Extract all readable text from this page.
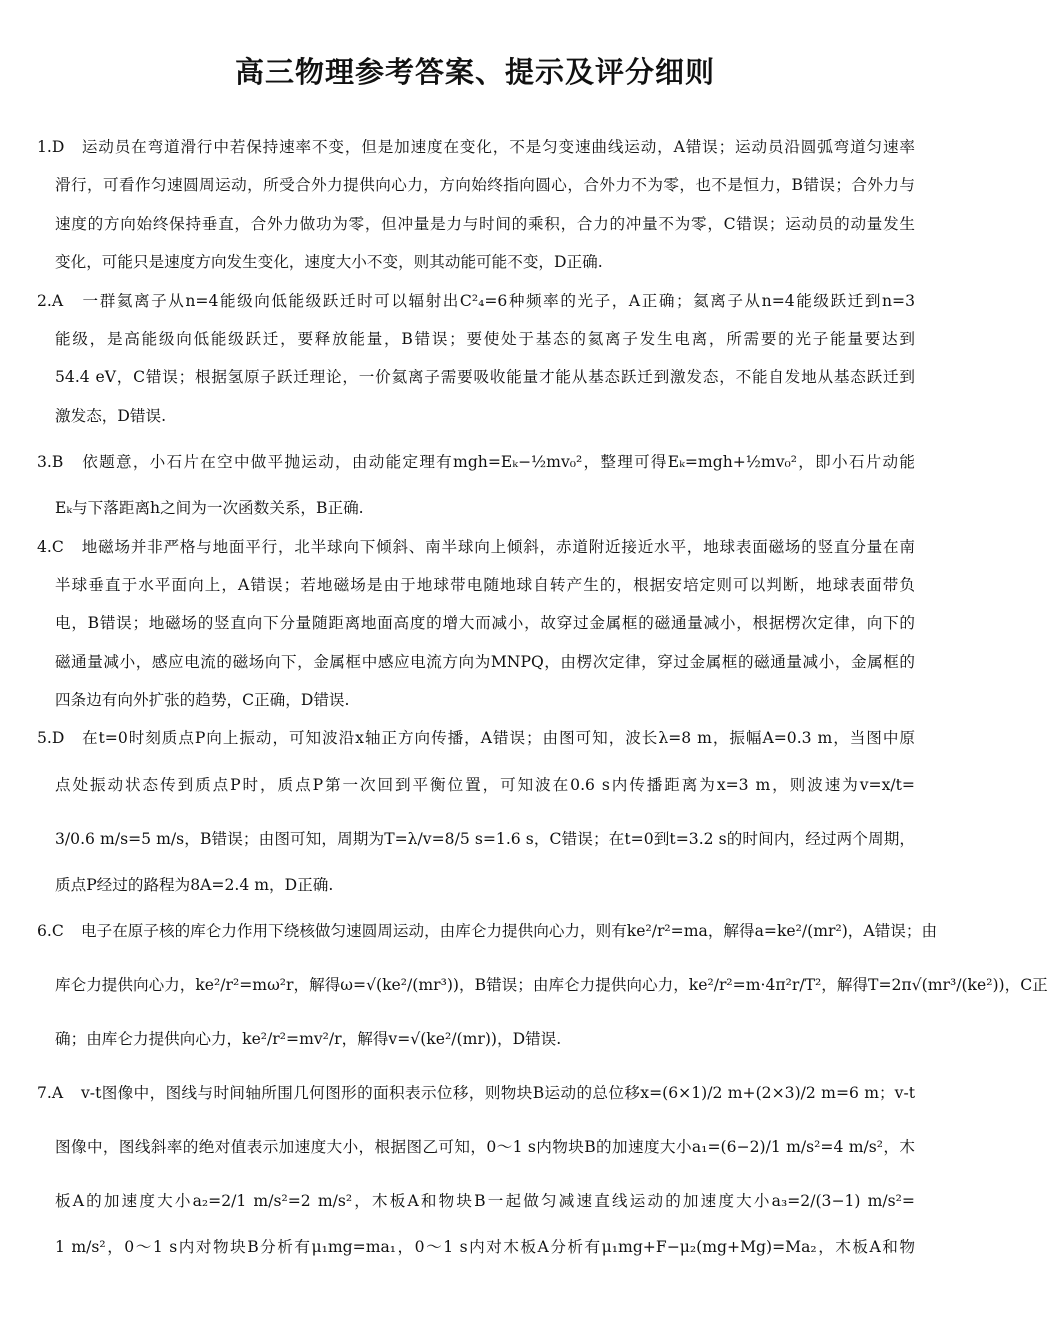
高三物理参考答案、提示及评分细则
1.D 运动员在弯道滑行中若保持速率不变，但是加速度在变化，不是匀变速曲线运动，A错误；运动员沿圆弧弯道匀速率
滑行，可看作匀速圆周运动，所受合外力提供向心力，方向始终指向圆心，合外力不为零，也不是恒力，B错误；合外力与
速度的方向始终保持垂直，合外力做功为零，但冲量是力与时间的乘积，合力的冲量不为零，C错误；运动员的动量发生
变化，可能只是速度方向发生变化，速度大小不变，则其动能可能不变，D正确.
2.A 一群氦离子从n=4能级向低能级跃迁时可以辐射出C²₄=6种频率的光子，A正确；氦离子从n=4能级跃迁到n=3
能级，是高能级向低能级跃迁，要释放能量，B错误；要使处于基态的氦离子发生电离，所需要的光子能量要达到
54.4 eV，C错误；根据氢原子跃迁理论，一价氦离子需要吸收能量才能从基态跃迁到激发态，不能自发地从基态跃迁到
激发态，D错误.
3.B 依题意，小石片在空中做平抛运动，由动能定理有mgh=Eₖ−½mv₀²，整理可得Eₖ=mgh+½mv₀²，即小石片动能
Eₖ与下落距离h之间为一次函数关系，B正确.
4.C 地磁场并非严格与地面平行，北半球向下倾斜、南半球向上倾斜，赤道附近接近水平，地球表面磁场的竖直分量在南
半球垂直于水平面向上，A错误；若地磁场是由于地球带电随地球自转产生的，根据安培定则可以判断，地球表面带负
电，B错误；地磁场的竖直向下分量随距离地面高度的增大而减小，故穿过金属框的磁通量减小，根据楞次定律，向下的
磁通量减小，感应电流的磁场向下，金属框中感应电流方向为MNPQ，由楞次定律，穿过金属框的磁通量减小，金属框的
四条边有向外扩张的趋势，C正确，D错误.
5.D 在t=0时刻质点P向上振动，可知波沿x轴正方向传播，A错误；由图可知，波长λ=8 m，振幅A=0.3 m，当图中原
点处振动状态传到质点P时，质点P第一次回到平衡位置，可知波在0.6 s内传播距离为x=3 m，则波速为v=x/t=
3/0.6 m/s=5 m/s，B错误；由图可知，周期为T=λ/v=8/5 s=1.6 s，C错误；在t=0到t=3.2 s的时间内，经过两个周期，
质点P经过的路程为8A=2.4 m，D正确.
6.C 电子在原子核的库仑力作用下绕核做匀速圆周运动，由库仑力提供向心力，则有ke²/r²=ma，解得a=ke²/(mr²)，A错误；由
库仑力提供向心力，ke²/r²=mω²r，解得ω=√(ke²/(mr³))，B错误；由库仑力提供向心力，ke²/r²=m·4π²r/T²，解得T=2π√(mr³/(ke²))，C正
确；由库仑力提供向心力，ke²/r²=mv²/r，解得v=√(ke²/(mr))，D错误.
7.A v-t图像中，图线与时间轴所围几何图形的面积表示位移，则物块B运动的总位移x=(6×1)/2 m+(2×3)/2 m=6 m；v-t
图像中，图线斜率的绝对值表示加速度大小，根据图乙可知，0～1 s内物块B的加速度大小a₁=(6−2)/1 m/s²=4 m/s²，木
板A的加速度大小a₂=2/1 m/s²=2 m/s²，木板A和物块B一起做匀减速直线运动的加速度大小a₃=2/(3−1) m/s²=
1 m/s²，0～1 s内对物块B分析有μ₁mg=ma₁，0～1 s内对木板A分析有μ₁mg+F−μ₂(mg+Mg)=Ma₂，木板A和物
